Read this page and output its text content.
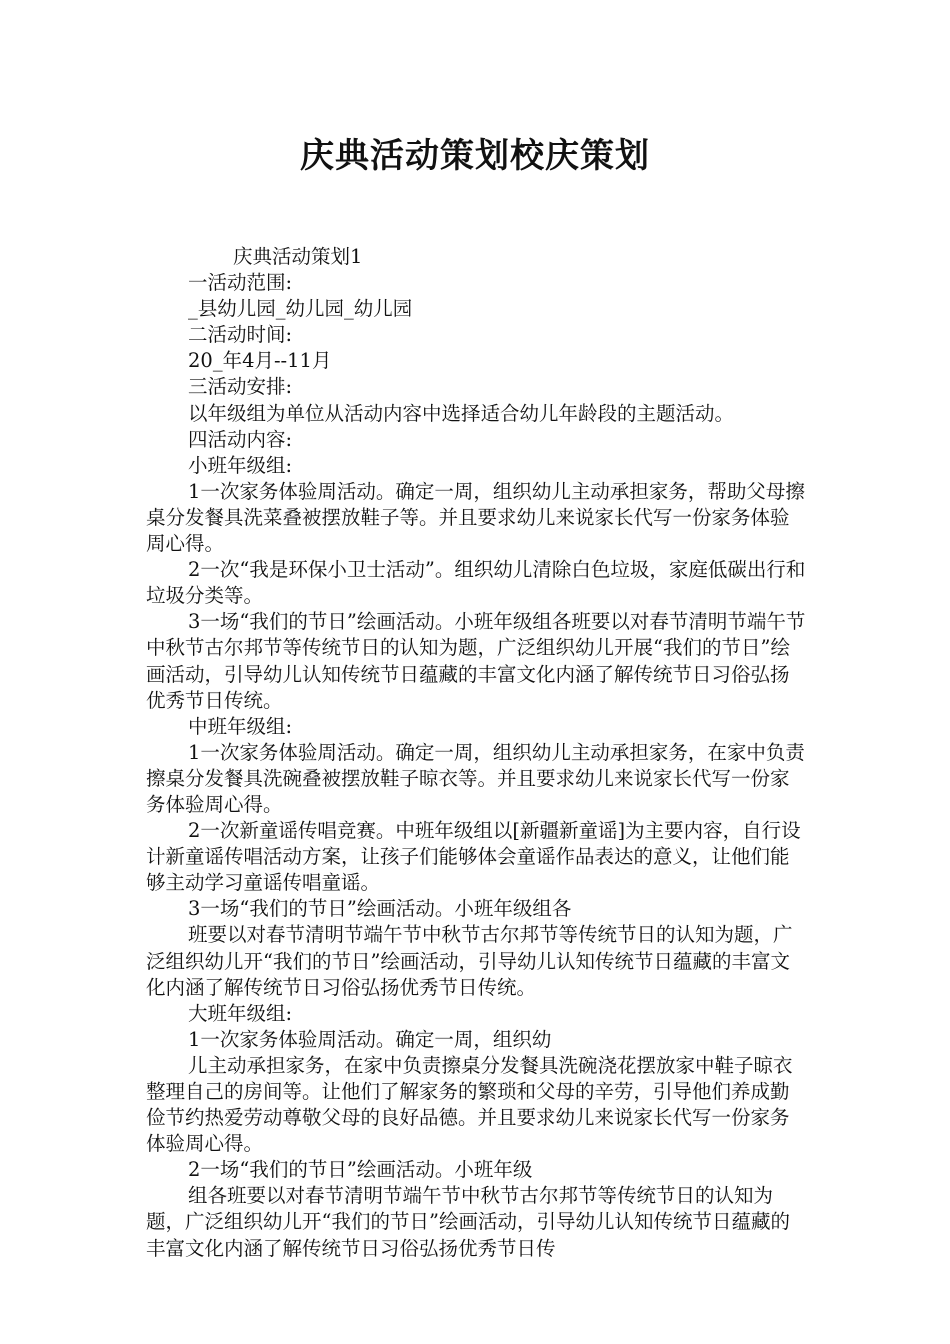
庆典活动策划校庆策划

庆典活动策划1

一活动范围:

_县幼儿园_幼儿园_幼儿园

二活动时间:

20_年4月--11月

三活动安排:

以年级组为单位从活动内容中选择适合幼儿年龄段的主题活动。

四活动内容:

小班年级组:

1一次家务体验周活动。确定一周，组织幼儿主动承担家务，帮助父母擦桌分发餐具洗菜叠被摆放鞋子等。并且要求幼儿来说家长代写一份家务体验周心得。

2一次“我是环保小卫士活动”。组织幼儿清除白色垃圾，家庭低碳出行和垃圾分类等。

3一场“我们的节日”绘画活动。小班年级组各班要以对春节清明节端午节中秋节古尔邦节等传统节日的认知为题，广泛组织幼儿开展“我们的节日”绘画活动，引导幼儿认知传统节日蕴藏的丰富文化内涵了解传统节日习俗弘扬优秀节日传统。

中班年级组:

1一次家务体验周活动。确定一周，组织幼儿主动承担家务，在家中负责擦桌分发餐具洗碗叠被摆放鞋子晾衣等。并且要求幼儿来说家长代写一份家务体验周心得。

2一次新童谣传唱竞赛。中班年级组以[新疆新童谣]为主要内容，自行设计新童谣传唱活动方案，让孩子们能够体会童谣作品表达的意义，让他们能够主动学习童谣传唱童谣。

3一场“我们的节日”绘画活动。小班年级组各

班要以对春节清明节端午节中秋节古尔邦节等传统节日的认知为题，广泛组织幼儿开“我们的节日”绘画活动，引导幼儿认知传统节日蕴藏的丰富文化内涵了解传统节日习俗弘扬优秀节日传统。

大班年级组:

1一次家务体验周活动。确定一周，组织幼

儿主动承担家务，在家中负责擦桌分发餐具洗碗浇花摆放家中鞋子晾衣整理自己的房间等。让他们了解家务的繁琐和父母的辛劳，引导他们养成勤俭节约热爱劳动尊敬父母的良好品德。并且要求幼儿来说家长代写一份家务体验周心得。

2一场“我们的节日”绘画活动。小班年级

组各班要以对春节清明节端午节中秋节古尔邦节等传统节日的认知为题，广泛组织幼儿开“我们的节日”绘画活动，引导幼儿认知传统节日蕴藏的丰富文化内涵了解传统节日习俗弘扬优秀节日传
